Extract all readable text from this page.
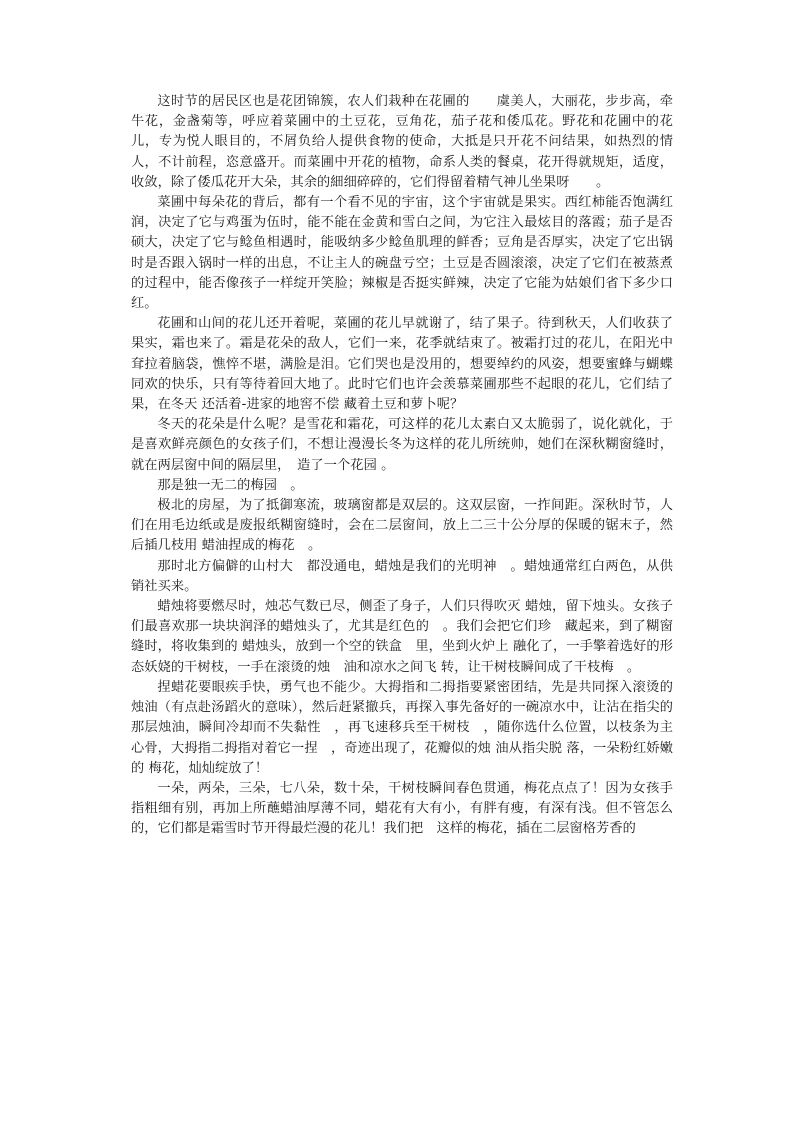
这时节的居民区也是花团锦簇，农人们栽种在花圃的　　虞美人，大丽花，步步高，牵牛花，金盏菊等，呼应着菜圃中的土豆花，豆角花，茄子花和倭瓜花。野花和花圃中的花儿，专为悦人眼目的，不屑负给人提供食物的使命，大抵是只开花不问结果，如热烈的情人，不计前程，恣意盛开。而菜圃中开花的植物，命系人类的餐桌，花开得就规矩，适度，收敛，除了倭瓜花开大朵，其余的細细碎碎的，它们得留着精气神儿坐果呀　　。

菜圃中每朵花的背后，都有一个看不见的宇宙，这个宇宙就是果实。西红柿能否饱满红润，决定了它与鸡蛋为伍时，能不能在金黄和雪白之间，为它注入最炫目的落霞；茄子是否硕大，决定了它与鲶鱼相遇时，能吸纳多少鲶鱼肌理的鲜香；豆角是否厚实，决定了它出锅时是否跟入锅时一样的出息，不让主人的碗盘亏空；土豆是否圆滚滚，决定了它们在被蒸煮的过程中，能否像孩子一样绽开笑脸；辣椒是否挺实鲜辣，决定了它能为姑娘们省下多少口红。

花圃和山间的花儿还开着呢，菜圃的花儿早就谢了，结了果子。待到秋天，人们收获了果实，霜也来了。霜是花朵的敌人，它们一来，花季就结束了。被霜打过的花儿，在阳光中耷拉着脑袋，憔悴不堪，满脸是泪。它们哭也是没用的，想要绰约的风姿，想要蜜蜂与蝴蝶同欢的快乐，只有等待着回大地了。此时它们也许会羡慕菜圃那些不起眼的花儿，它们结了果，在冬天 还活着-进家的地窖不偿 藏着土豆和萝卜呢？

冬天的花朵是什么呢？是雪花和霜花，可这样的花儿太素白又太脆弱了，说化就化，于是喜欢鲜亮颜色的女孩子们，不想让漫漫长冬为这样的花儿所统帅，她们在深秋糊窗缝时，就在两层窗中间的隔层里，　造了一个花园 。

那是独一无二的梅园　。

极北的房屋，为了抵御寒流，玻璃窗都是双层的。这双层窗，一拃间距。深秋时节，人们在用毛边纸或是废报纸糊窗缝时，会在二层窗间，放上二三十公分厚的保暖的锯末子，然后插几枝用 蜡油捏成的梅花　。

那时北方偏僻的山村大　都没通电，蜡烛是我们的光明神　。蜡烛通常红白两色，从供销社买来。

蜡烛将要燃尽时，烛芯气数已尽，侧歪了身子，人们只得吹灭 蜡烛，留下烛头。女孩子们最喜欢那一块块润泽的蜡烛头了，尤其是红色的　。我们会把它们珍　藏起来，到了糊窗缝时，将收集到的 蜡烛头，放到一个空的铁盒　里，坐到火炉上 融化了，一手擎着选好的形态妖娆的干树枝，一手在滚烫的烛　油和凉水之间飞 转，让干树枝瞬间成了干枝梅　。

捏蜡花要眼疾手快，勇气也不能少。大拇指和二拇指要紧密团结，先是共同探入滚烫的烛油（有点赴汤蹈火的意味），然后赶紧撤兵，再探入事先备好的一碗凉水中，让沾在指尖的那层烛油，瞬间冷却而不失黏性　，再飞速移兵至干树枝　，随你选什么位置，以枝条为主心骨，大拇指二拇指对着它一捏　，奇迹出现了，花瓣似的烛 油从指尖脱 落，一朵粉红娇嫩的 梅花，灿灿绽放了！

一朵，两朵，三朵，七八朵，数十朵，干树枝瞬间春色贯通，梅花点点了！因为女孩手指粗细有别，再加上所蘸蜡油厚薄不同，蜡花有大有小，有胖有瘦，有深有浅。但不管怎么的，它们都是霜雪时节开得最烂漫的花儿！我们把　这样的梅花，插在二层窗格芳香的
